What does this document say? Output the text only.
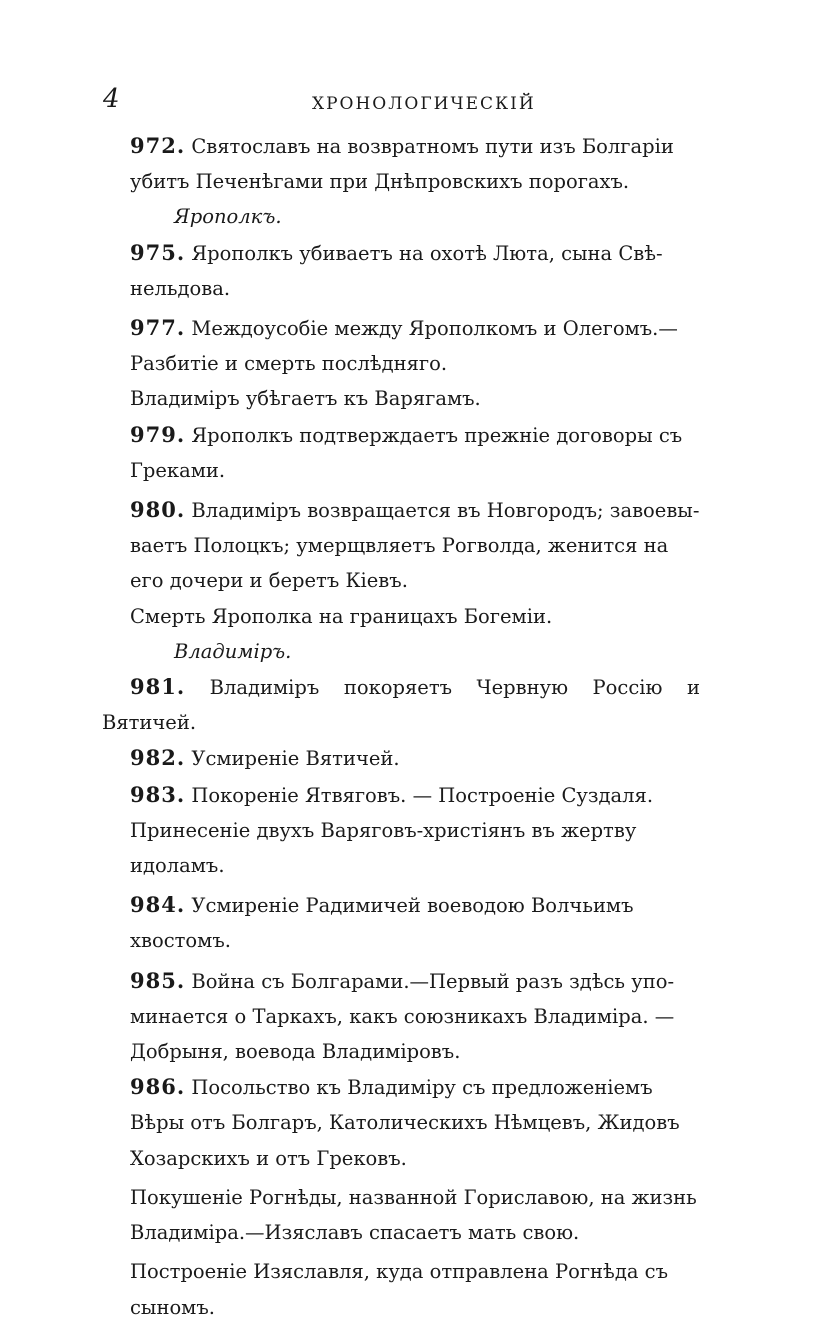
4	ХРОНОЛОГИЧЕСКІЙ
972. Святославъ на возвратномъ пути изъ Болгаріи
убитъ Печенѣгами при Днѣпровскихъ порогахъ.
Ярополкъ.
975. Ярополкъ убиваетъ на охотѣ Люта, сына Свѣ-
нельдова.
977. Междоусобіе между Ярополкомъ и Олегомъ.—
Разбитіе и смерть послѣдняго.
Владиміръ убѣгаетъ къ Варягамъ.
979. Ярополкъ подтверждаетъ прежніе договоры съ
Греками.
980. Владиміръ возвращается въ Новгородъ; завоевы-
ваетъ Полоцкъ; умерщвляетъ Рогволда, женится на
его дочери и беретъ Кіевъ.
Смерть Ярополка на границахъ Богеміи.
Владиміръ.
981. Владиміръ покоряетъ Червную Россію и Вятичей.
982. Усмиреніе Вятичей.
983. Покореніе Ятвяговъ. — Построеніе Суздаля.
Принесеніе двухъ Варяговъ-христіянъ въ жертву
идоламъ.
984. Усмиреніе Радимичей воеводою Волчьимъ
хвостомъ.
985. Война съ Болгарами.—Первый разъ здѣсь упо-
минается о Таркахъ, какъ союзникахъ Владиміра. —
Добрыня, воевода Владиміровъ.
986. Посольство къ Владиміру съ предложеніемъ
Вѣры отъ Болгаръ, Католическихъ Нѣмцевъ, Жидовъ
Хозарскихъ и отъ Грековъ.
Покушеніе Рогнѣды, названной Гориславою, на жизнь
Владиміра.—Изяславъ спасаетъ мать свою.
Построеніе Изяславля, куда отправлена Рогнѣда съ
сыномъ.
